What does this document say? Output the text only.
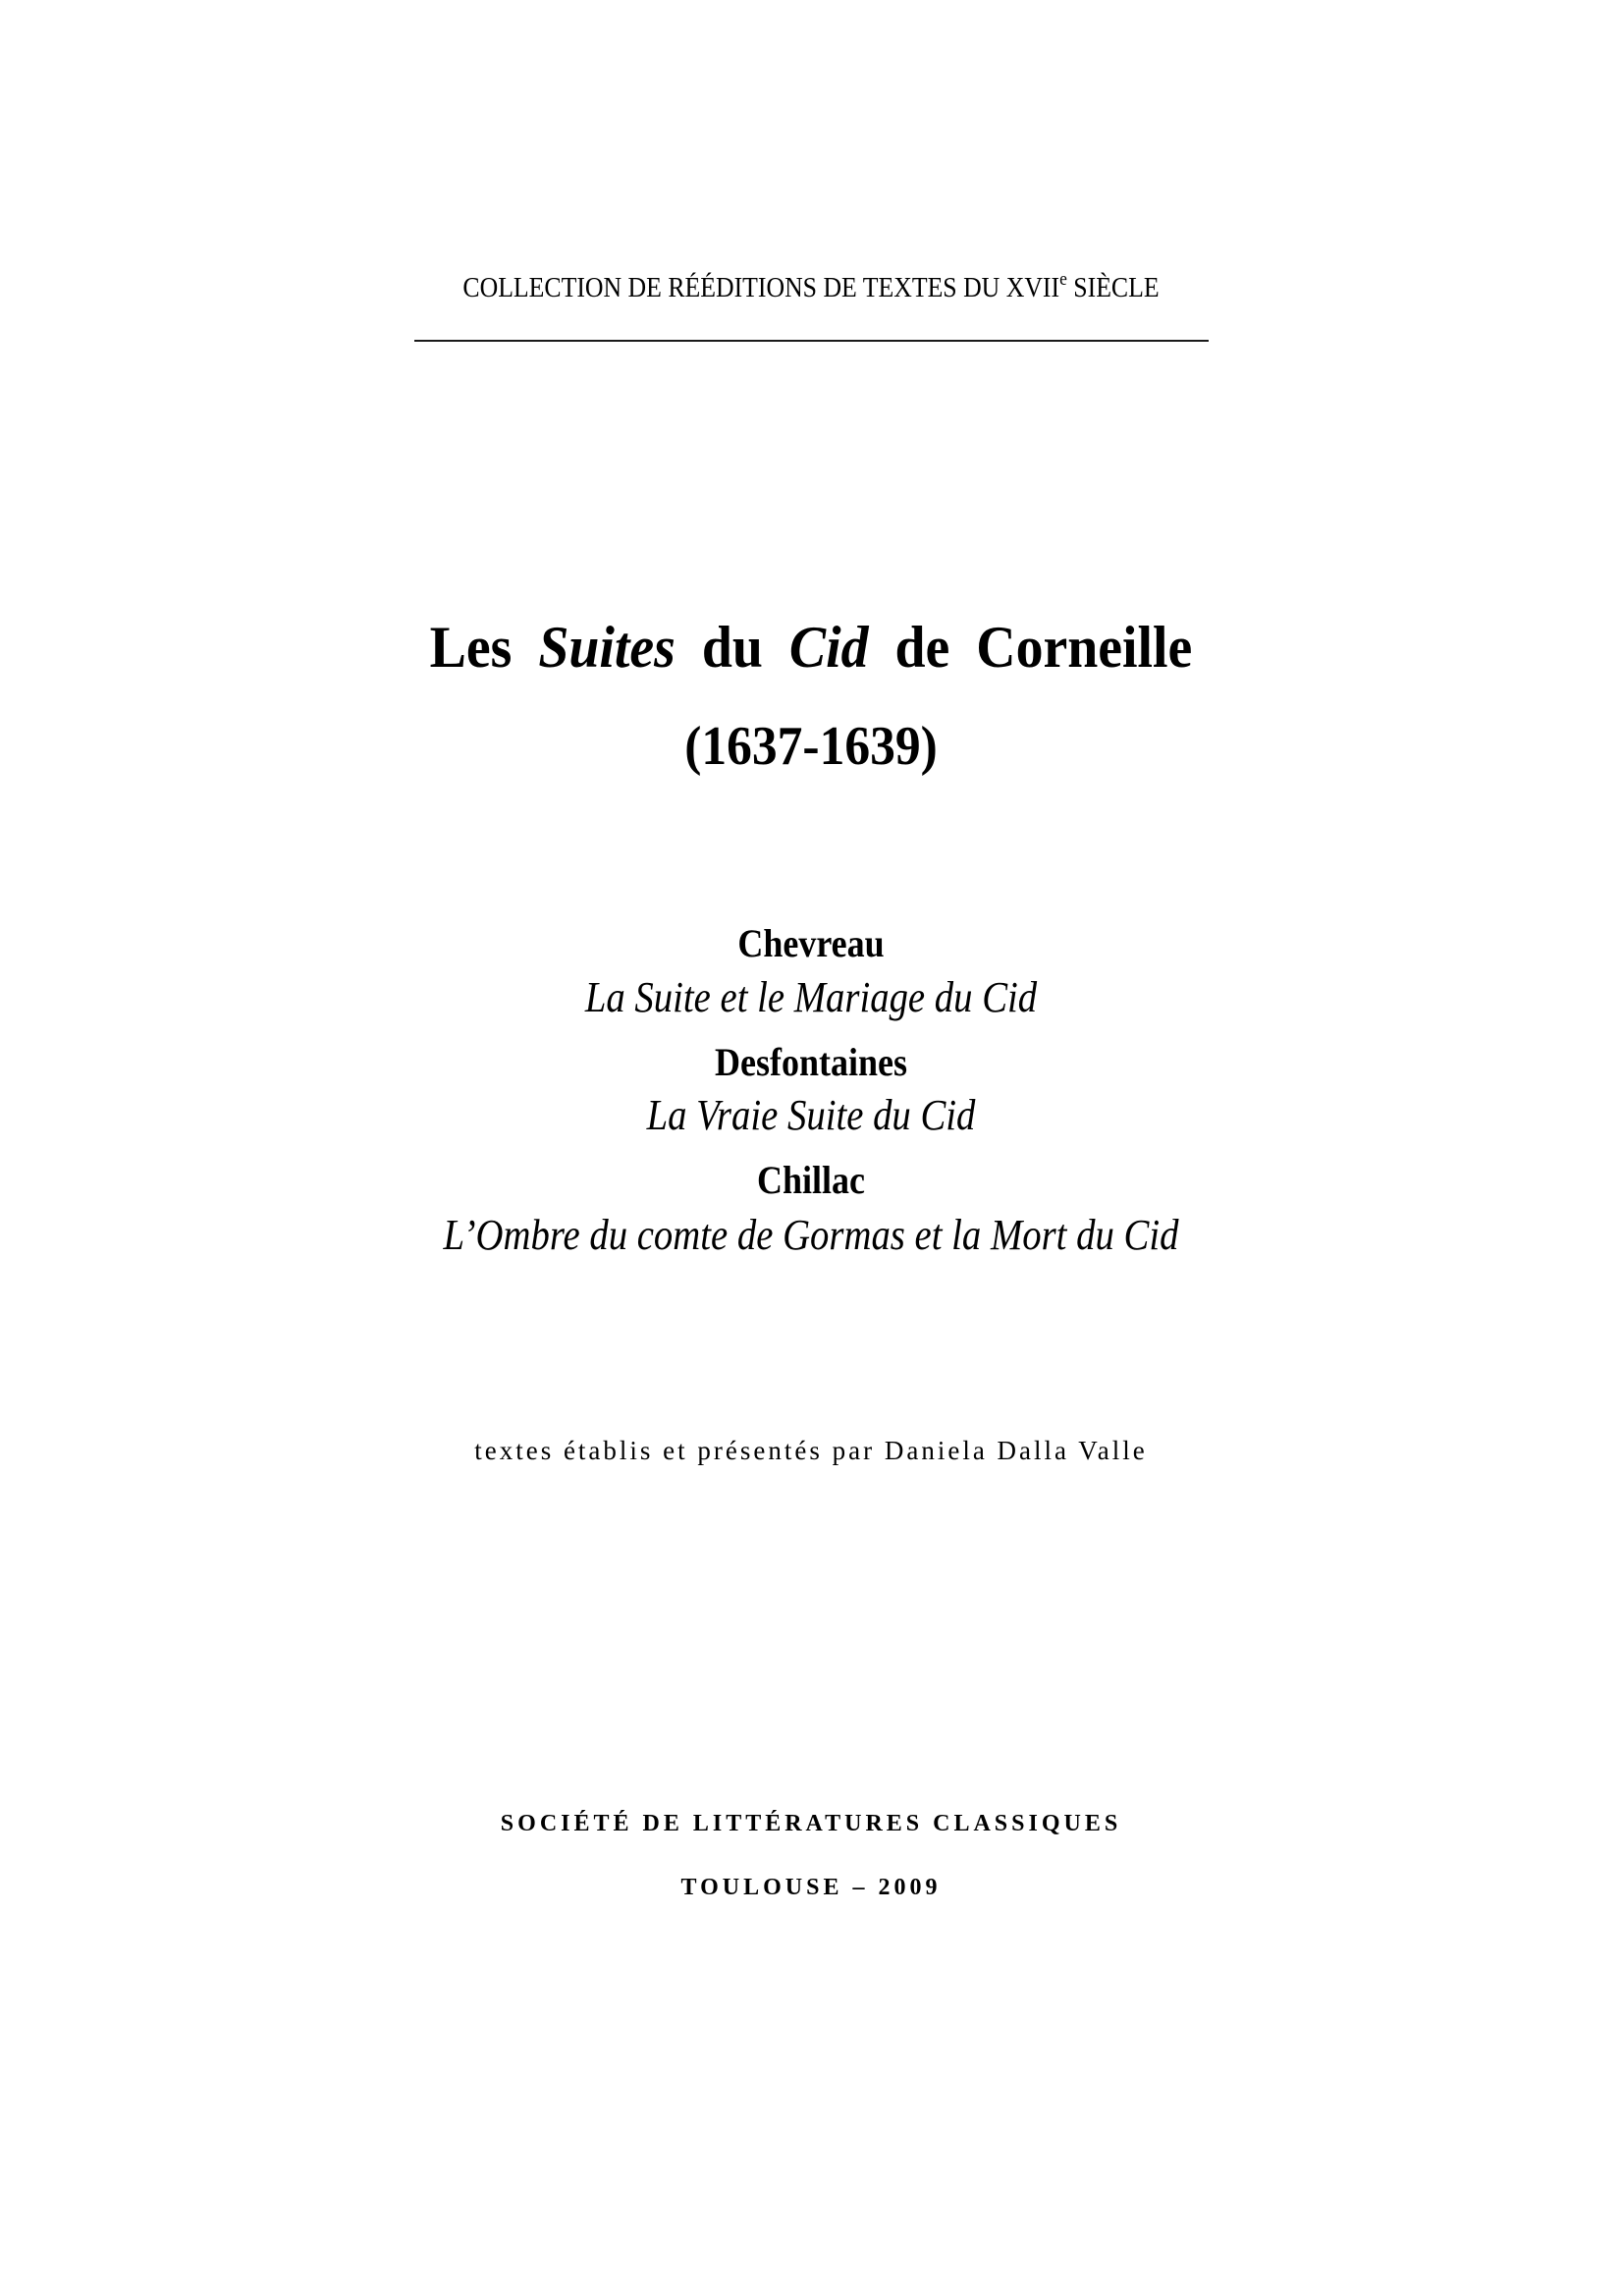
COLLECTION DE RÉÉDITIONS DE TEXTES DU XVIIe SIÈCLE
Les Suites du Cid de Corneille
(1637-1639)
Chevreau
La Suite et le Mariage du Cid
Desfontaines
La Vraie Suite du Cid
Chillac
L’Ombre du comte de Gormas et la Mort du Cid
textes établis et présentés par Daniela Dalla Valle
SOCIÉTÉ DE LITTÉRATURES CLASSIQUES
TOULOUSE – 2009
